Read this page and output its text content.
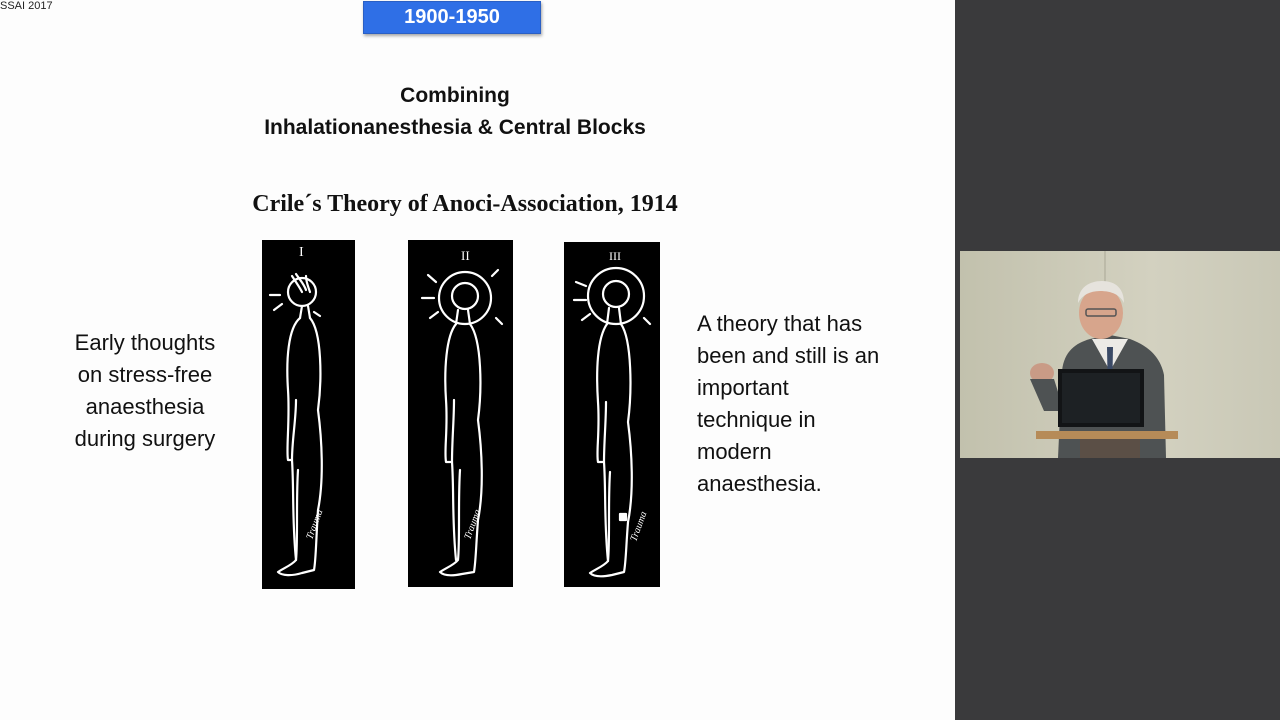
SSAI 2017	1900-1950
Combining
Inhalationanesthesia & Central Blocks
Crile´s Theory of Anoci-Association, 1914
I
Trauma
II
Trauma
III
Trauma
Early thoughts
on stress-free
anaesthesia
during surgery
A theory that has
been and still is an
important
technique in
modern
anaesthesia.
